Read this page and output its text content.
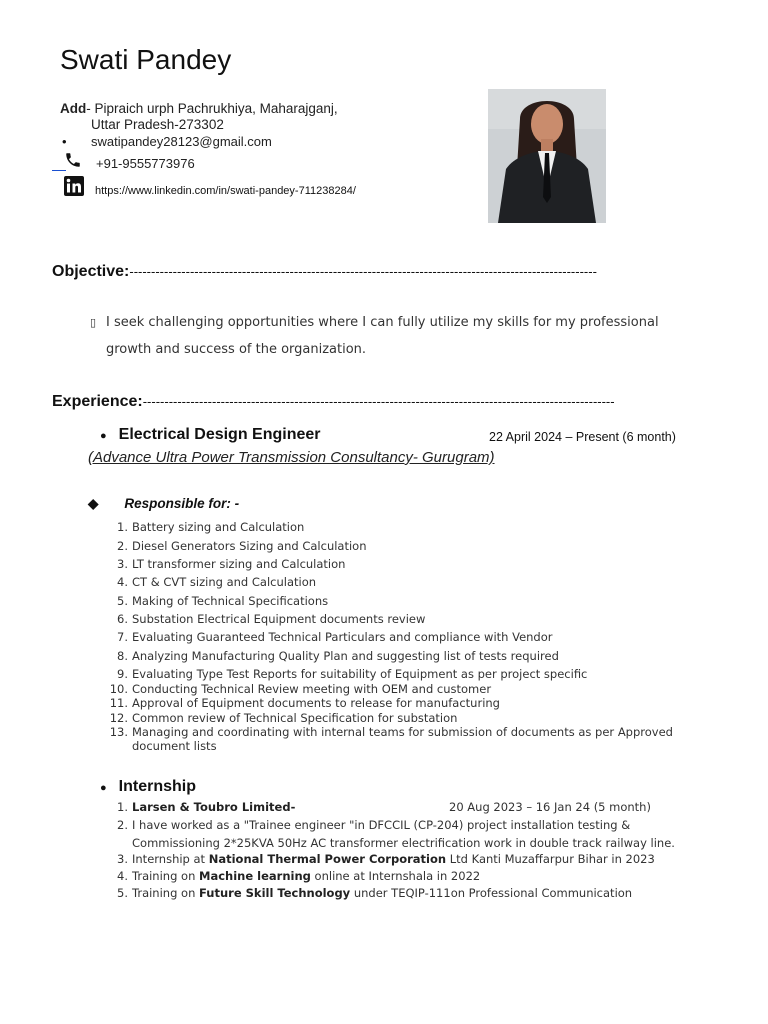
Swati Pandey
Add- Pipraich urph Pachrukhiya, Maharajganj,
Uttar Pradesh-273302
• swatipandey28123@gmail.com
+91-9555773976
https://www.linkedin.com/in/swati-pandey-711238284/
Objective:------------------------------------------------------------------------------------------------------------
▯ I seek challenging opportunities where I can fully utilize my skills for my professional growth and success of the organization.
Experience:-------------------------------------------------------------------------------------------------------------
● Electrical Design Engineer	22 April 2024 – Present (6 month)
(Advance Ultra Power Transmission Consultancy- Gurugram)
◆ Responsible for: -
1. Battery sizing and Calculation
2. Diesel Generators Sizing and Calculation
3. LT transformer sizing and Calculation
4. CT & CVT sizing and Calculation
5. Making of Technical Specifications
6. Substation Electrical Equipment documents review
7. Evaluating Guaranteed Technical Particulars and compliance with Vendor
8. Analyzing Manufacturing Quality Plan and suggesting list of tests required
9. Evaluating Type Test Reports for suitability of Equipment as per project specific
10. Conducting Technical Review meeting with OEM and customer
11. Approval of Equipment documents to release for manufacturing
12. Common review of Technical Specification for substation
13. Managing and coordinating with internal teams for submission of documents as per Approved document lists
● Internship
1. Larsen & Toubro Limited-	20 Aug 2023 – 16 Jan 24 (5 month)
2. I have worked as a "Trainee engineer "in DFCCIL (CP-204) project installation testing & Commissioning 2*25KVA 50Hz AC transformer electrification work in double track railway line.
3. Internship at National Thermal Power Corporation Ltd Kanti Muzaffarpur Bihar in 2023
4. Training on Machine learning online at Internshala in 2022
5. Training on Future Skill Technology under TEQIP-111on Professional Communication
